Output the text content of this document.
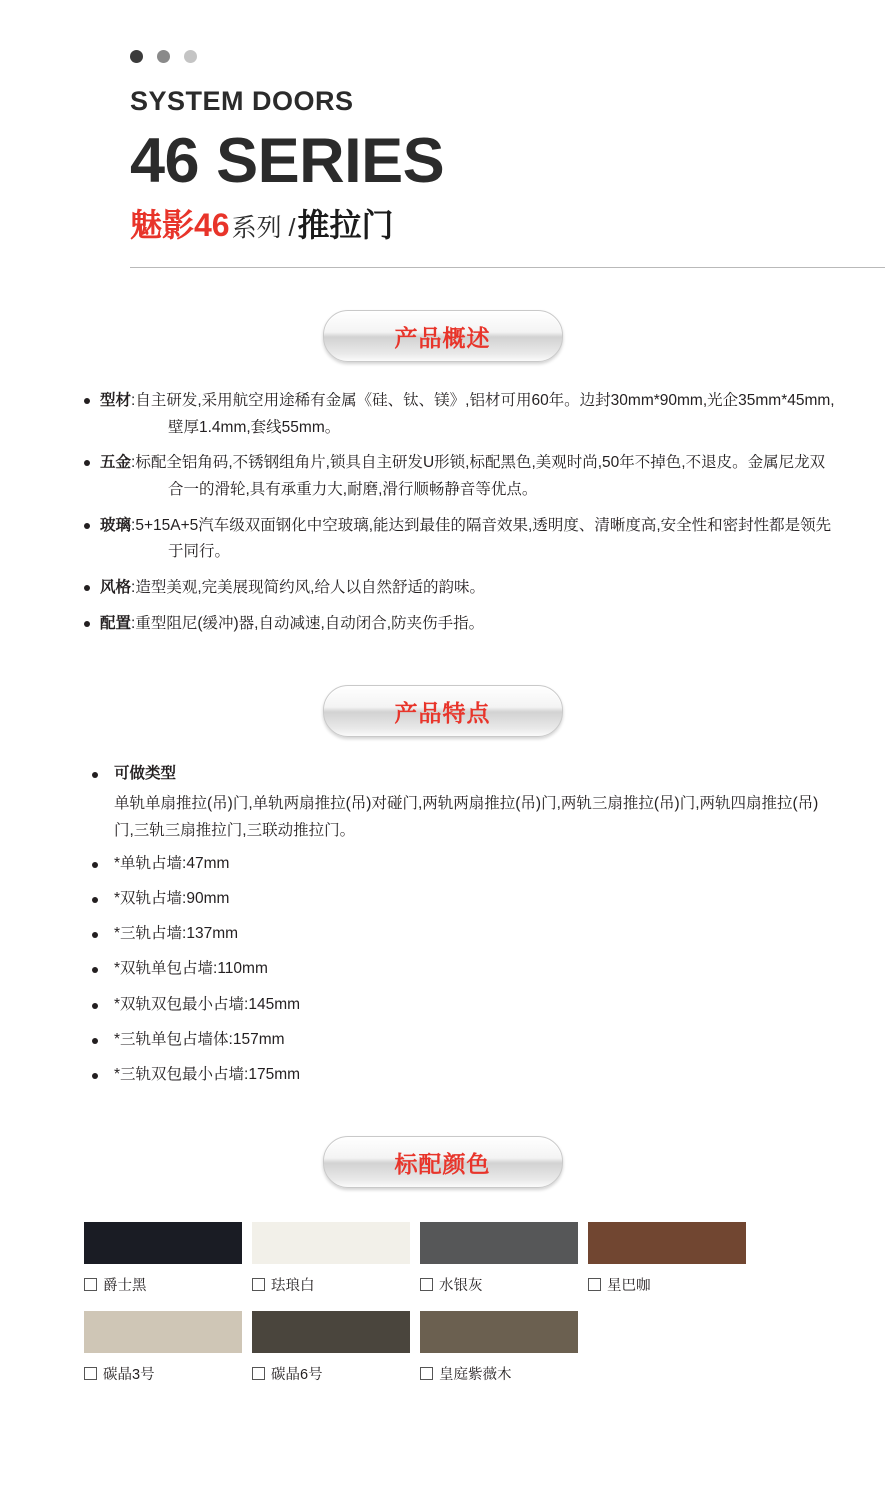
SYSTEM DOORS
46 SERIES
魅影46系列 /推拉门
产品概述
型材:自主研发,采用航空用途稀有金属《硅、钛、镁》,铝材可用60年。边封30mm*90mm,光企35mm*45mm,壁厚1.4mm,套线55mm。
五金:标配全铝角码,不锈钢组角片,锁具自主研发U形锁,标配黑色,美观时尚,50年不掉色,不退皮。金属尼龙双合一的滑轮,具有承重力大,耐磨,滑行顺畅静音等优点。
玻璃:5+15A+5汽车级双面钢化中空玻璃,能达到最佳的隔音效果,透明度、清晰度高,安全性和密封性都是领先于同行。
风格:造型美观,完美展现简约风,给人以自然舒适的韵味。
配置:重型阻尼(缓冲)器,自动减速,自动闭合,防夹伤手指。
产品特点
可做类型
单轨单扇推拉(吊)门,单轨两扇推拉(吊)对碰门,两轨两扇推拉(吊)门,两轨三扇推拉(吊)门,两轨四扇推拉(吊)门,三轨三扇推拉门,三联动推拉门。
*单轨占墙:47mm
*双轨占墙:90mm
*三轨占墙:137mm
*双轨单包占墙:110mm
*双轨双包最小占墙:145mm
*三轨单包占墙体:157mm
*三轨双包最小占墙:175mm
标配颜色
爵士黑	珐琅白	水银灰	星巴咖
碳晶3号	碳晶6号	皇庭紫薇木
